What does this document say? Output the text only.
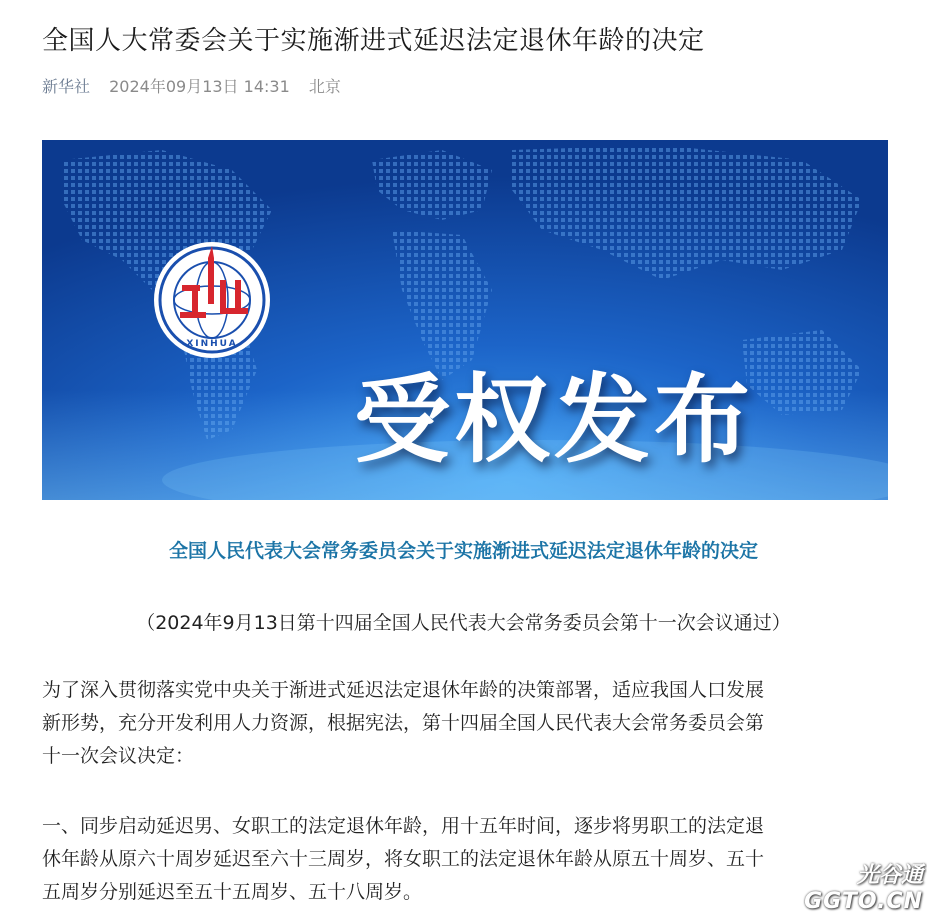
全国人大常委会关于实施渐进式延迟法定退休年龄的决定
新华社 2024年09月13日 14:31 北京
XINHUA
受权发布
全国人民代表大会常务委员会关于实施渐进式延迟法定退休年龄的决定
（2024年9月13日第十四届全国人民代表大会常务委员会第十一次会议通过）

为了深入贯彻落实党中央关于渐进式延迟法定退休年龄的决策部署，适应我国人口发展
新形势，充分开发利用人力资源，根据宪法，第十四届全国人民代表大会常务委员会第
十一次会议决定：

一、同步启动延迟男、女职工的法定退休年龄，用十五年时间，逐步将男职工的法定退
休年龄从原六十周岁延迟至六十三周岁，将女职工的法定退休年龄从原五十周岁、五十
五周岁分别延迟至五十五周岁、五十八周岁。

光谷通
GGTO.CN
